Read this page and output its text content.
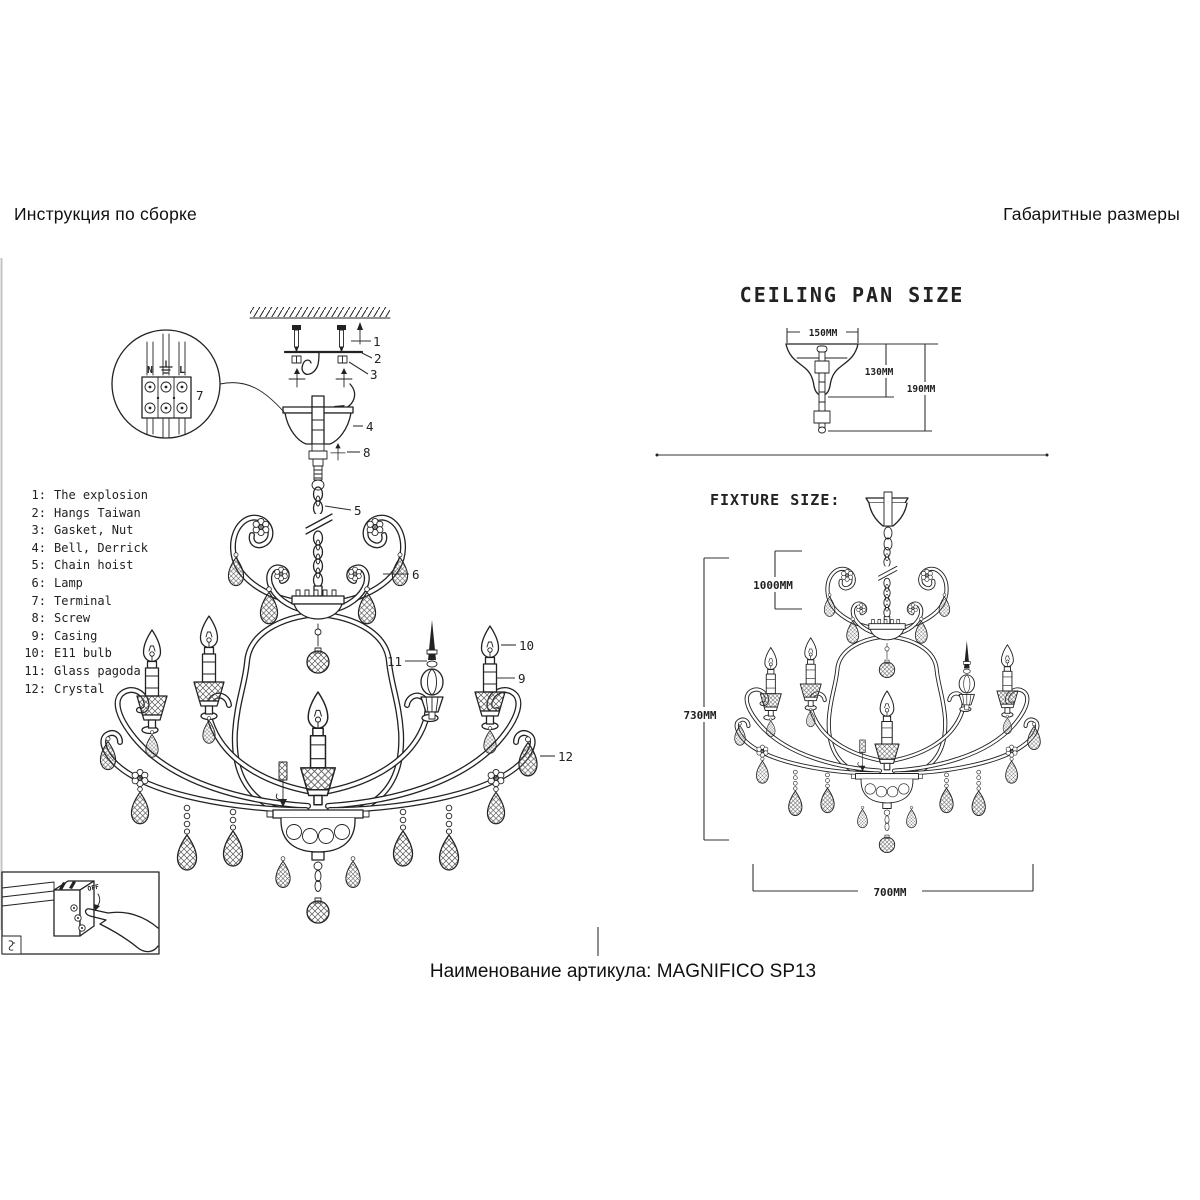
N	L
7
1
2
3
4
8
5
6
10
9
11
12
OFF
CEILING PAN SIZE
150MM
130MM
190MM
FIXTURE SIZE:
1000MM
730MM
700MM
Инструкция по сборке	Габаритные размеры
1: The explosion
2: Hangs Taiwan
3: Gasket, Nut
4: Bell, Derrick
5: Chain hoist
6: Lamp
7: Terminal
8: Screw
9: Casing
10: E11 bulb
11: Glass pagoda
12: Crystal
Наименование артикула: MAGNIFICO SP13
